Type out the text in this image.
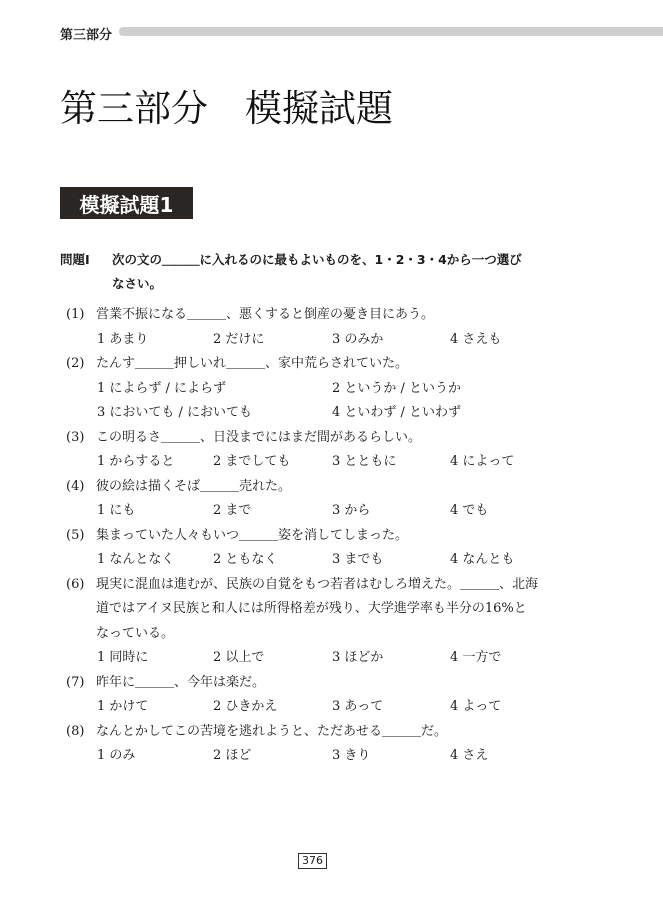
第三部分
第三部分　模擬試題
模擬試題1
問題Ⅰ 次の文の＿＿＿に入れるのに最もよいものを、1・2・3・4から一つ選び
なさい。
(1) 営業不振になる＿＿＿、悪くすると倒産の憂き目にあう。
1 あまり	2 だけに	3 のみか	4 さえも
(2) たんす＿＿＿押しいれ＿＿＿、家中荒らされていた。
1 によらず / によらず	2 というか / というか
3 においても / においても	4 といわず / といわず
(3) この明るさ＿＿＿、日没までにはまだ間があるらしい。
1 からすると	2 までしても	3 とともに	4 によって
(4) 彼の絵は描くそば＿＿＿売れた。
1 にも	2 まで	3 から	4 でも
(5) 集まっていた人々もいつ＿＿＿姿を消してしまった。
1 なんとなく	2 ともなく	3 までも	4 なんとも
(6) 現実に混血は進むが、民族の自覚をもつ若者はむしろ増えた。＿＿＿、北海
道ではアイヌ民族と和人には所得格差が残り、大学進学率も半分の16%と
なっている。
1 同時に	2 以上で	3 ほどか	4 一方で
(7) 昨年に＿＿＿、今年は楽だ。
1 かけて	2 ひきかえ	3 あって	4 よって
(8) なんとかしてこの苦境を逃れようと、ただあせる＿＿＿だ。
1 のみ	2 ほど	3 きり	4 さえ
376
